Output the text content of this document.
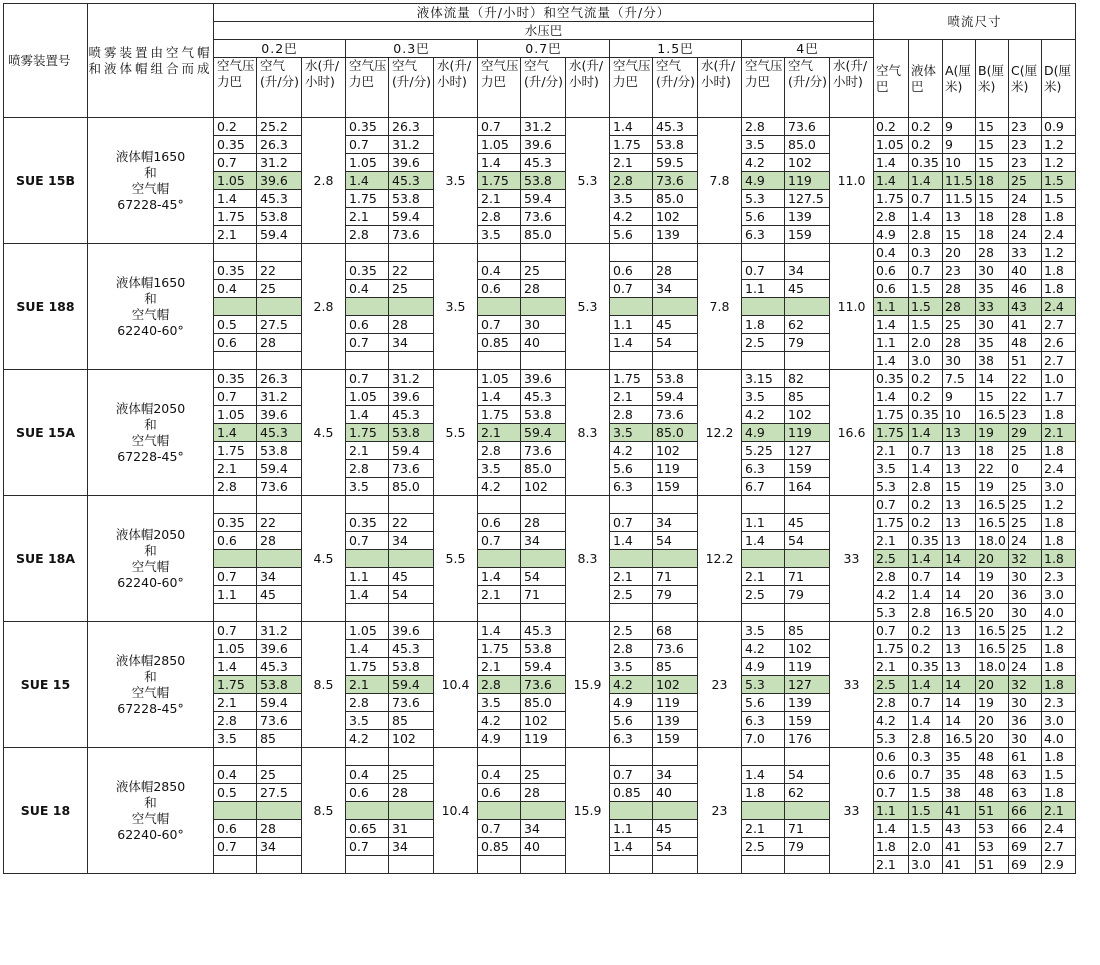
喷雾装置号	喷雾装置由空气帽和液体帽组合而成	液体流量（升/小时）和空气流量（升/分）															喷流尺寸					
		水压巴																				
		0.2巴			0.3巴			0.7巴			1.5巴			4巴			空气巴	液体巴	A(厘米)	B(厘米)	C(厘米)	D(厘米)
		空气压力巴	空气(升/分)	水(升/小时)	空气压力巴	空气(升/分)	水(升/小时)	空气压力巴	空气(升/分)	水(升/小时)	空气压力巴	空气(升/分)	水(升/小时)	空气压力巴	空气(升/分)	水(升/小时)						
SUE 15B	液体帽1650
和
空气帽
67228-45°	0.2	25.2	2.8	0.35	26.3	3.5	0.7	31.2	5.3	1.4	45.3	7.8	2.8	73.6	11.0	0.2	0.2	9	15	23	0.9
		0.35	26.3		0.7	31.2		1.05	39.6		1.75	53.8		3.5	85.0		1.05	0.2	9	15	23	1.2
		0.7	31.2		1.05	39.6		1.4	45.3		2.1	59.5		4.2	102		1.4	0.35	10	15	23	1.2
		1.05	39.6		1.4	45.3		1.75	53.8		2.8	73.6		4.9	119		1.4	1.4	11.5	18	25	1.5
		1.4	45.3		1.75	53.8		2.1	59.4		3.5	85.0		5.3	127.5		1.75	0.7	11.5	15	24	1.5
		1.75	53.8		2.1	59.4		2.8	73.6		4.2	102		5.6	139		2.8	1.4	13	18	28	1.8
		2.1	59.4		2.8	73.6		3.5	85.0		5.6	139		6.3	159		4.9	2.8	15	18	24	2.4
SUE 188	液体帽1650
和
空气帽
62240-60°			2.8			3.5			5.3			7.8			11.0	0.4	0.3	20	28	33	1.2
		0.35	22		0.35	22		0.4	25		0.6	28		0.7	34		0.6	0.7	23	30	40	1.8
		0.4	25		0.4	25		0.6	28		0.7	34		1.1	45		0.6	1.5	28	35	46	1.8
																	1.1	1.5	28	33	43	2.4
		0.5	27.5		0.6	28		0.7	30		1.1	45		1.8	62		1.4	1.5	25	30	41	2.7
		0.6	28		0.7	34		0.85	40		1.4	54		2.5	79		1.1	2.0	28	35	48	2.6
																	1.4	3.0	30	38	51	2.7
SUE 15A	液体帽2050
和
空气帽
67228-45°	0.35	26.3	4.5	0.7	31.2	5.5	1.05	39.6	8.3	1.75	53.8	12.2	3.15	82	16.6	0.35	0.2	7.5	14	22	1.0
		0.7	31.2		1.05	39.6		1.4	45.3		2.1	59.4		3.5	85		1.4	0.2	9	15	22	1.7
		1.05	39.6		1.4	45.3		1.75	53.8		2.8	73.6		4.2	102		1.75	0.35	10	16.5	23	1.8
		1.4	45.3		1.75	53.8		2.1	59.4		3.5	85.0		4.9	119		1.75	1.4	13	19	29	2.1
		1.75	53.8		2.1	59.4		2.8	73.6		4.2	102		5.25	127		2.1	0.7	13	18	25	1.8
		2.1	59.4		2.8	73.6		3.5	85.0		5.6	119		6.3	159		3.5	1.4	13	22	0	2.4
		2.8	73.6		3.5	85.0		4.2	102		6.3	159		6.7	164		5.3	2.8	15	19	25	3.0
SUE 18A	液体帽2050
和
空气帽
62240-60°			4.5			5.5			8.3			12.2			33	0.7	0.2	13	16.5	25	1.2
		0.35	22		0.35	22		0.6	28		0.7	34		1.1	45		1.75	0.2	13	16.5	25	1.8
		0.6	28		0.7	34		0.7	34		1.4	54		1.4	54		2.1	0.35	13	18.0	24	1.8
																	2.5	1.4	14	20	32	1.8
		0.7	34		1.1	45		1.4	54		2.1	71		2.1	71		2.8	0.7	14	19	30	2.3
		1.1	45		1.4	54		2.1	71		2.5	79		2.5	79		4.2	1.4	14	20	36	3.0
																	5.3	2.8	16.5	20	30	4.0
SUE 15	液体帽2850
和
空气帽
67228-45°	0.7	31.2	8.5	1.05	39.6	10.4	1.4	45.3	15.9	2.5	68	23	3.5	85	33	0.7	0.2	13	16.5	25	1.2
		1.05	39.6		1.4	45.3		1.75	53.8		2.8	73.6		4.2	102		1.75	0.2	13	16.5	25	1.8
		1.4	45.3		1.75	53.8		2.1	59.4		3.5	85		4.9	119		2.1	0.35	13	18.0	24	1.8
		1.75	53.8		2.1	59.4		2.8	73.6		4.2	102		5.3	127		2.5	1.4	14	20	32	1.8
		2.1	59.4		2.8	73.6		3.5	85.0		4.9	119		5.6	139		2.8	0.7	14	19	30	2.3
		2.8	73.6		3.5	85		4.2	102		5.6	139		6.3	159		4.2	1.4	14	20	36	3.0
		3.5	85		4.2	102		4.9	119		6.3	159		7.0	176		5.3	2.8	16.5	20	30	4.0
SUE 18	液体帽2850
和
空气帽
62240-60°			8.5			10.4			15.9			23			33	0.6	0.3	35	48	61	1.8
		0.4	25		0.4	25		0.4	25		0.7	34		1.4	54		0.6	0.7	35	48	63	1.5
		0.5	27.5		0.6	28		0.6	28		0.85	40		1.8	62		0.7	1.5	38	48	63	1.8
																	1.1	1.5	41	51	66	2.1
		0.6	28		0.65	31		0.7	34		1.1	45		2.1	71		1.4	1.5	43	53	66	2.4
		0.7	34		0.7	34		0.85	40		1.4	54		2.5	79		1.8	2.0	41	53	69	2.7
																	2.1	3.0	41	51	69	2.9
